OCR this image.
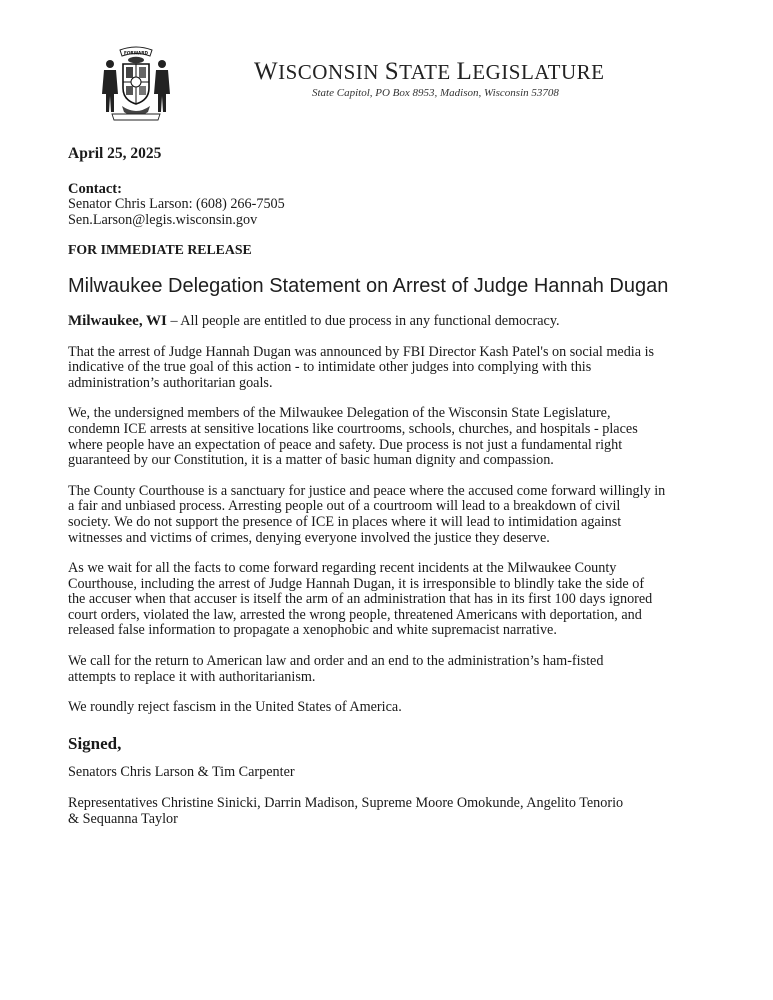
FORWARD
WISCONSIN STATE LEGISLATURE
State Capitol, PO Box 8953, Madison, Wisconsin 53708
April 25, 2025
Contact:
Senator Chris Larson: (608) 266-7505
Sen.Larson@legis.wisconsin.gov
FOR IMMEDIATE RELEASE
Milwaukee Delegation Statement on Arrest of Judge Hannah Dugan
Milwaukee, WI – All people are entitled to due process in any functional democracy.
That the arrest of Judge Hannah Dugan was announced by FBI Director Kash Patel's on social media is
indicative of the true goal of this action - to intimidate other judges into complying with this
administration’s authoritarian goals.
We, the undersigned members of the Milwaukee Delegation of the Wisconsin State Legislature,
condemn ICE arrests at sensitive locations like courtrooms, schools, churches, and hospitals - places
where people have an expectation of peace and safety. Due process is not just a fundamental right
guaranteed by our Constitution, it is a matter of basic human dignity and compassion.
The County Courthouse is a sanctuary for justice and peace where the accused come forward willingly in
a fair and unbiased process. Arresting people out of a courtroom will lead to a breakdown of civil
society. We do not support the presence of ICE in places where it will lead to intimidation against
witnesses and victims of crimes, denying everyone involved the justice they deserve.
As we wait for all the facts to come forward regarding recent incidents at the Milwaukee County
Courthouse, including the arrest of Judge Hannah Dugan, it is irresponsible to blindly take the side of
the accuser when that accuser is itself the arm of an administration that has in its first 100 days ignored
court orders, violated the law, arrested the wrong people, threatened Americans with deportation, and
released false information to propagate a xenophobic and white supremacist narrative.
We call for the return to American law and order and an end to the administration’s ham-fisted
attempts to replace it with authoritarianism.
We roundly reject fascism in the United States of America.
Signed,
Senators Chris Larson & Tim Carpenter
Representatives Christine Sinicki, Darrin Madison, Supreme Moore Omokunde, Angelito Tenorio
& Sequanna Taylor
